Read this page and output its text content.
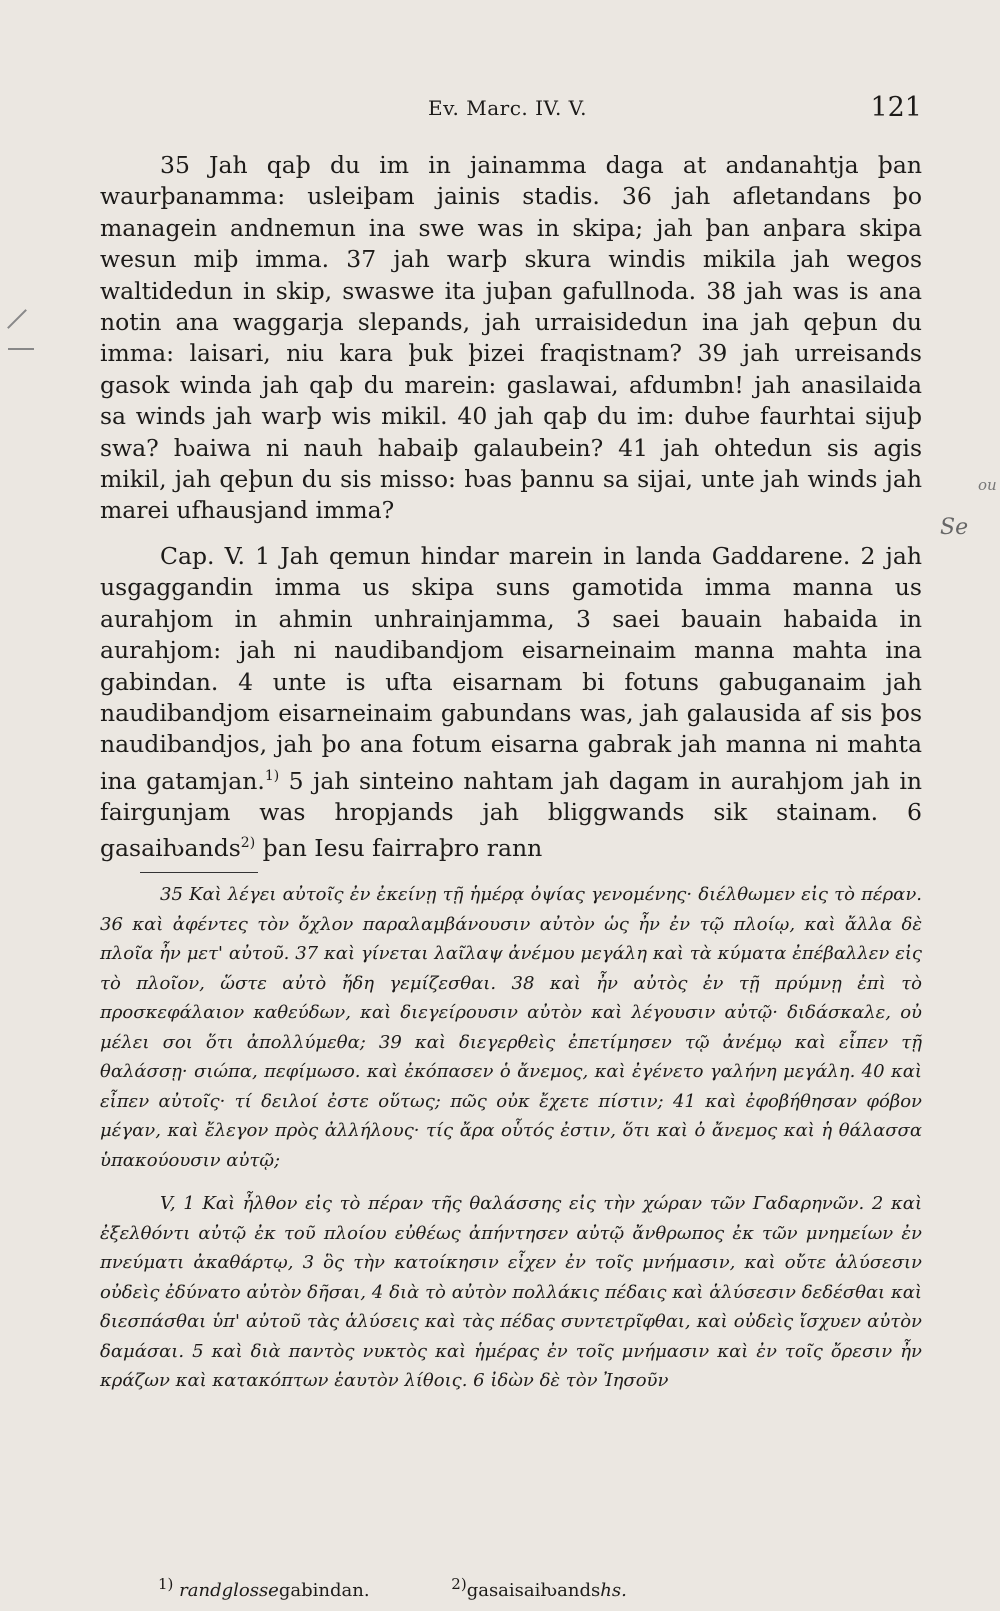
Ev. Marc. IV. V.	121

35 Jah qaþ du im in jainamma daga at andanahtja þan waurþanamma: usleiþam jainis stadis. 36 jah afletandans þo managein andnemun ina swe was in skipa; jah þan anþara skipa wesun miþ imma. 37 jah warþ skura windis mikila jah wegos waltidedun in skip, swaswe ita juþan gafullnoda. 38 jah was is ana notin ana waggarja slepands, jah urraisidedun ina jah qeþun du imma: laisari, niu kara þuk þizei fraqistnam? 39 jah urreisands gasok winda jah qaþ du marein: gaslawai, afdumbn! jah anasilaida sa winds jah warþ wis mikil. 40 jah qaþ du im: duƕe faurhtai sijuþ swa? ƕaiwa ni nauh habaiþ galaubein? 41 jah ohtedun sis agis mikil, jah qeþun du sis misso: ƕas þannu sa sijai, unte jah winds jah marei ufhausjand imma?

Cap. V. 1 Jah qemun hindar marein in landa Gaddarene. 2 jah usgaggandin imma us skipa suns gamotida imma manna us aurahjom in ahmin unhrainjamma, 3 saei bauain habaida in aurahjom: jah ni naudibandjom eisarneinaim manna mahta ina gabindan. 4 unte is ufta eisarnam bi fotuns gabuganaim jah naudibandjom eisarneinaim gabundans was, jah galausida af sis þos naudibandjos, jah þo ana fotum eisarna gabrak jah manna ni mahta ina gatamjan.$^{1)}$ 5 jah sinteino nahtam jah dagam in aurahjom jah in fairgunjam was hropjands jah bliggwands sik stainam. 6 gasaiƕands$^{2)}$ þan Iesu fairraþro rann

35 Καὶ λέγει αὐτοῖς ἐν ἐκείνῃ τῇ ἡμέρᾳ ὀψίας γενομένης· διέλθωμεν εἰς τὸ πέραν. 36 καὶ ἀφέντες τὸν ὄχλον παραλαμβάνουσιν αὐτὸν ὡς ἦν ἐν τῷ πλοίῳ, καὶ ἄλλα δὲ πλοῖα ἦν μετ' αὐτοῦ. 37 καὶ γίνεται λαῖλαψ ἀνέμου μεγάλη καὶ τὰ κύματα ἐπέβαλλεν εἰς τὸ πλοῖον, ὥστε αὐτὸ ἤδη γεμίζεσθαι. 38 καὶ ἦν αὐτὸς ἐν τῇ πρύμνῃ ἐπὶ τὸ προσκεφάλαιον καθεύδων, καὶ διεγείρουσιν αὐτὸν καὶ λέγουσιν αὐτῷ· διδάσκαλε, οὐ μέλει σοι ὅτι ἀπολλύμεθα; 39 καὶ διεγερθεὶς ἐπετίμησεν τῷ ἀνέμῳ καὶ εἶπεν τῇ θαλάσσῃ· σιώπα, πεφίμωσο. καὶ ἐκόπασεν ὁ ἄνεμος, καὶ ἐγένετο γαλήνη μεγάλη. 40 καὶ εἶπεν αὐτοῖς· τί δειλοί ἐστε οὕτως; πῶς οὐκ ἔχετε πίστιν; 41 καὶ ἐφοβήθησαν φόβον μέγαν, καὶ ἔλεγον πρὸς ἀλλήλους· τίς ἄρα οὗτός ἐστιν, ὅτι καὶ ὁ ἄνεμος καὶ ἡ θάλασσα ὑπακούουσιν αὐτῷ;

V, 1 Καὶ ἦλθον εἰς τὸ πέραν τῆς θαλάσσης εἰς τὴν χώραν τῶν Γαδαρηνῶν. 2 καὶ ἐξελθόντι αὐτῷ ἐκ τοῦ πλοίου εὐθέως ἀπήντησεν αὐτῷ ἄνθρωπος ἐκ τῶν μνημείων ἐν πνεύματι ἀκαθάρτῳ, 3 ὃς τὴν κατοίκησιν εἶχεν ἐν τοῖς μνήμασιν, καὶ οὔτε ἁλύσεσιν οὐδεὶς ἐδύνατο αὐτὸν δῆσαι, 4 διὰ τὸ αὐτὸν πολλάκις πέδαις καὶ ἁλύσεσιν δεδέσθαι καὶ διεσπάσθαι ὑπ' αὐτοῦ τὰς ἁλύσεις καὶ τὰς πέδας συντετρῖφθαι, καὶ οὐδεὶς ἴσχυεν αὐτὸν δαμάσαι. 5 καὶ διὰ παντὸς νυκτὸς καὶ ἡμέρας ἐν τοῖς μνήμασιν καὶ ἐν τοῖς ὄρεσιν ἦν κράζων καὶ κατακόπτων ἑαυτὸν λίθοις. 6 ἰδὼν δὲ τὸν Ἰησοῦν

$^{1)}$ randglossegabindan.	$^{2)}$gasaisaiƕandshs.
ou
Se
